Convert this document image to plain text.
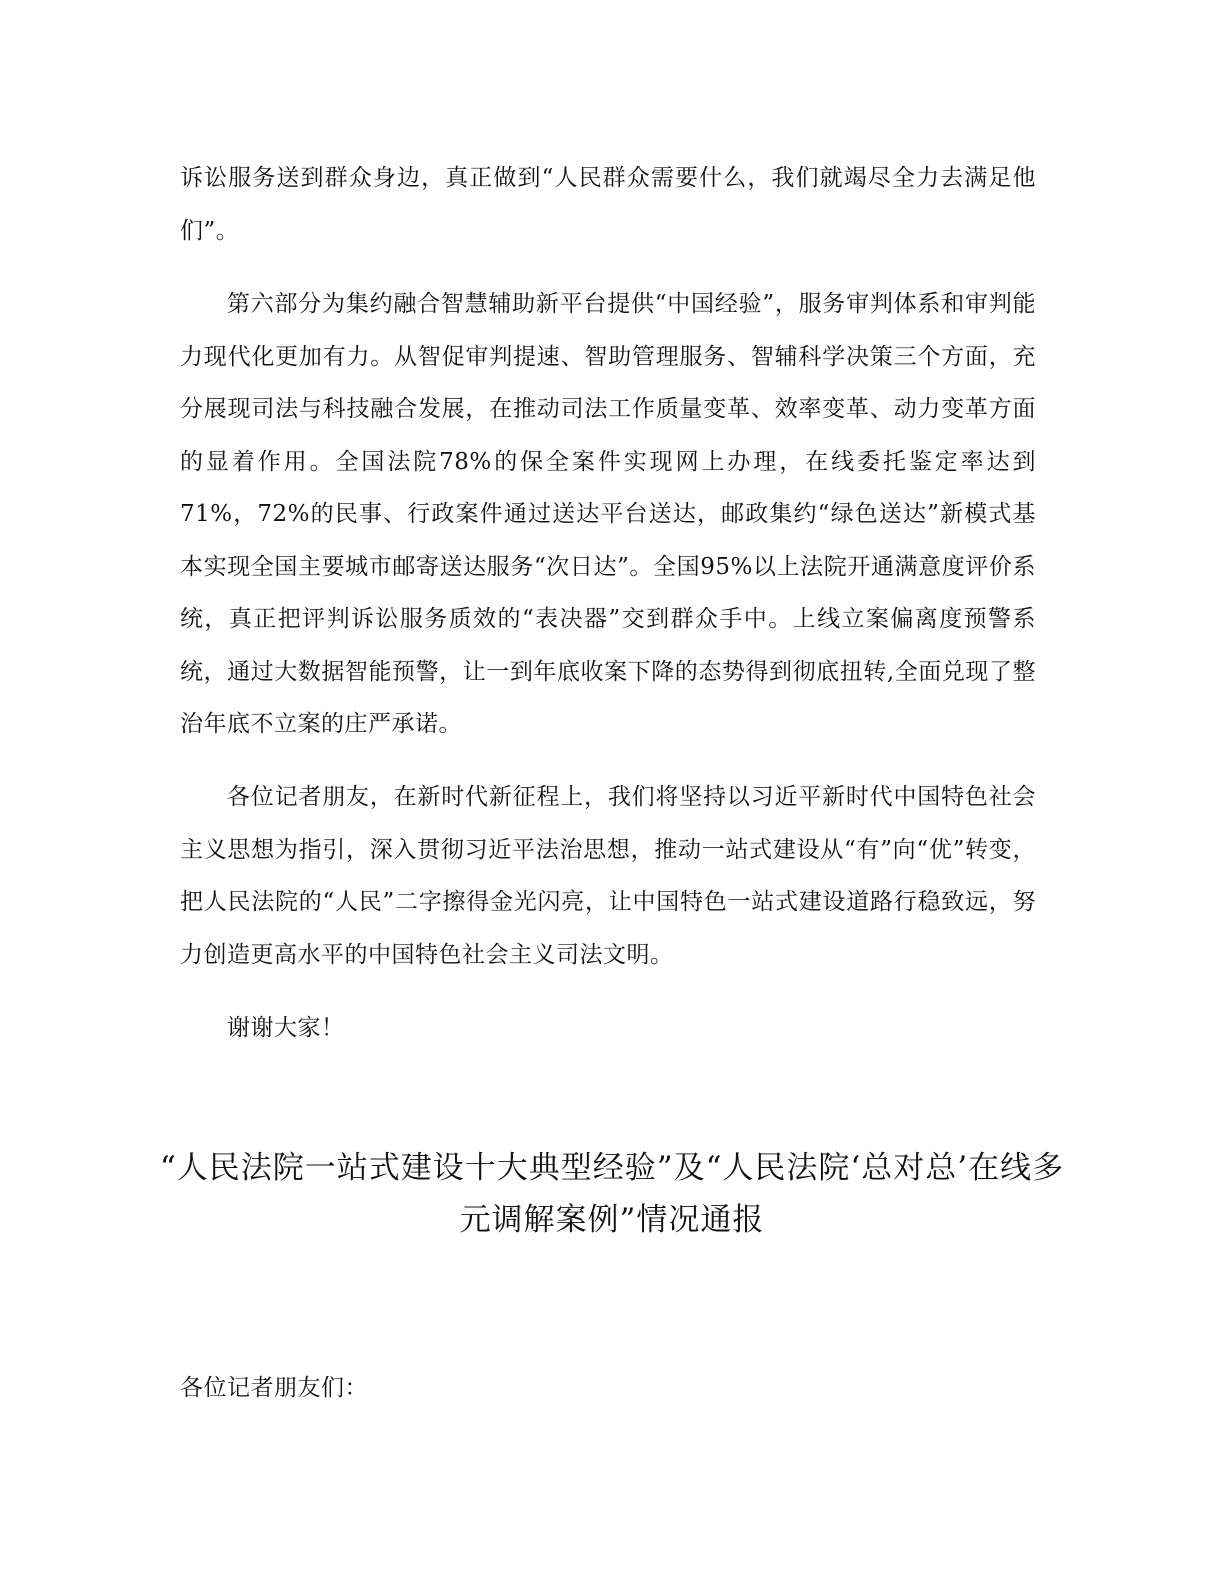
诉讼服务送到群众身边，真正做到“人民群众需要什么，我们就竭尽全力去满足他们”。

第六部分为集约融合智慧辅助新平台提供“中国经验”，服务审判体系和审判能力现代化更加有力。从智促审判提速、智助管理服务、智辅科学决策三个方面，充分展现司法与科技融合发展，在推动司法工作质量变革、效率变革、动力变革方面的显着作用。全国法院78%的保全案件实现网上办理，在线委托鉴定率达到71%，72%的民事、行政案件通过送达平台送达，邮政集约“绿色送达”新模式基本实现全国主要城市邮寄送达服务“次日达”。全国95%以上法院开通满意度评价系统，真正把评判诉讼服务质效的“表决器”交到群众手中。上线立案偏离度预警系统，通过大数据智能预警，让一到年底收案下降的态势得到彻底扭转,全面兑现了整治年底不立案的庄严承诺。

各位记者朋友，在新时代新征程上，我们将坚持以习近平新时代中国特色社会主义思想为指引，深入贯彻习近平法治思想，推动一站式建设从“有”向“优”转变，把人民法院的“人民”二字擦得金光闪亮，让中国特色一站式建设道路行稳致远，努力创造更高水平的中国特色社会主义司法文明。

谢谢大家！

“人民法院一站式建设十大典型经验”及“人民法院‘总对总’在线多元调解案例”情况通报

各位记者朋友们：
